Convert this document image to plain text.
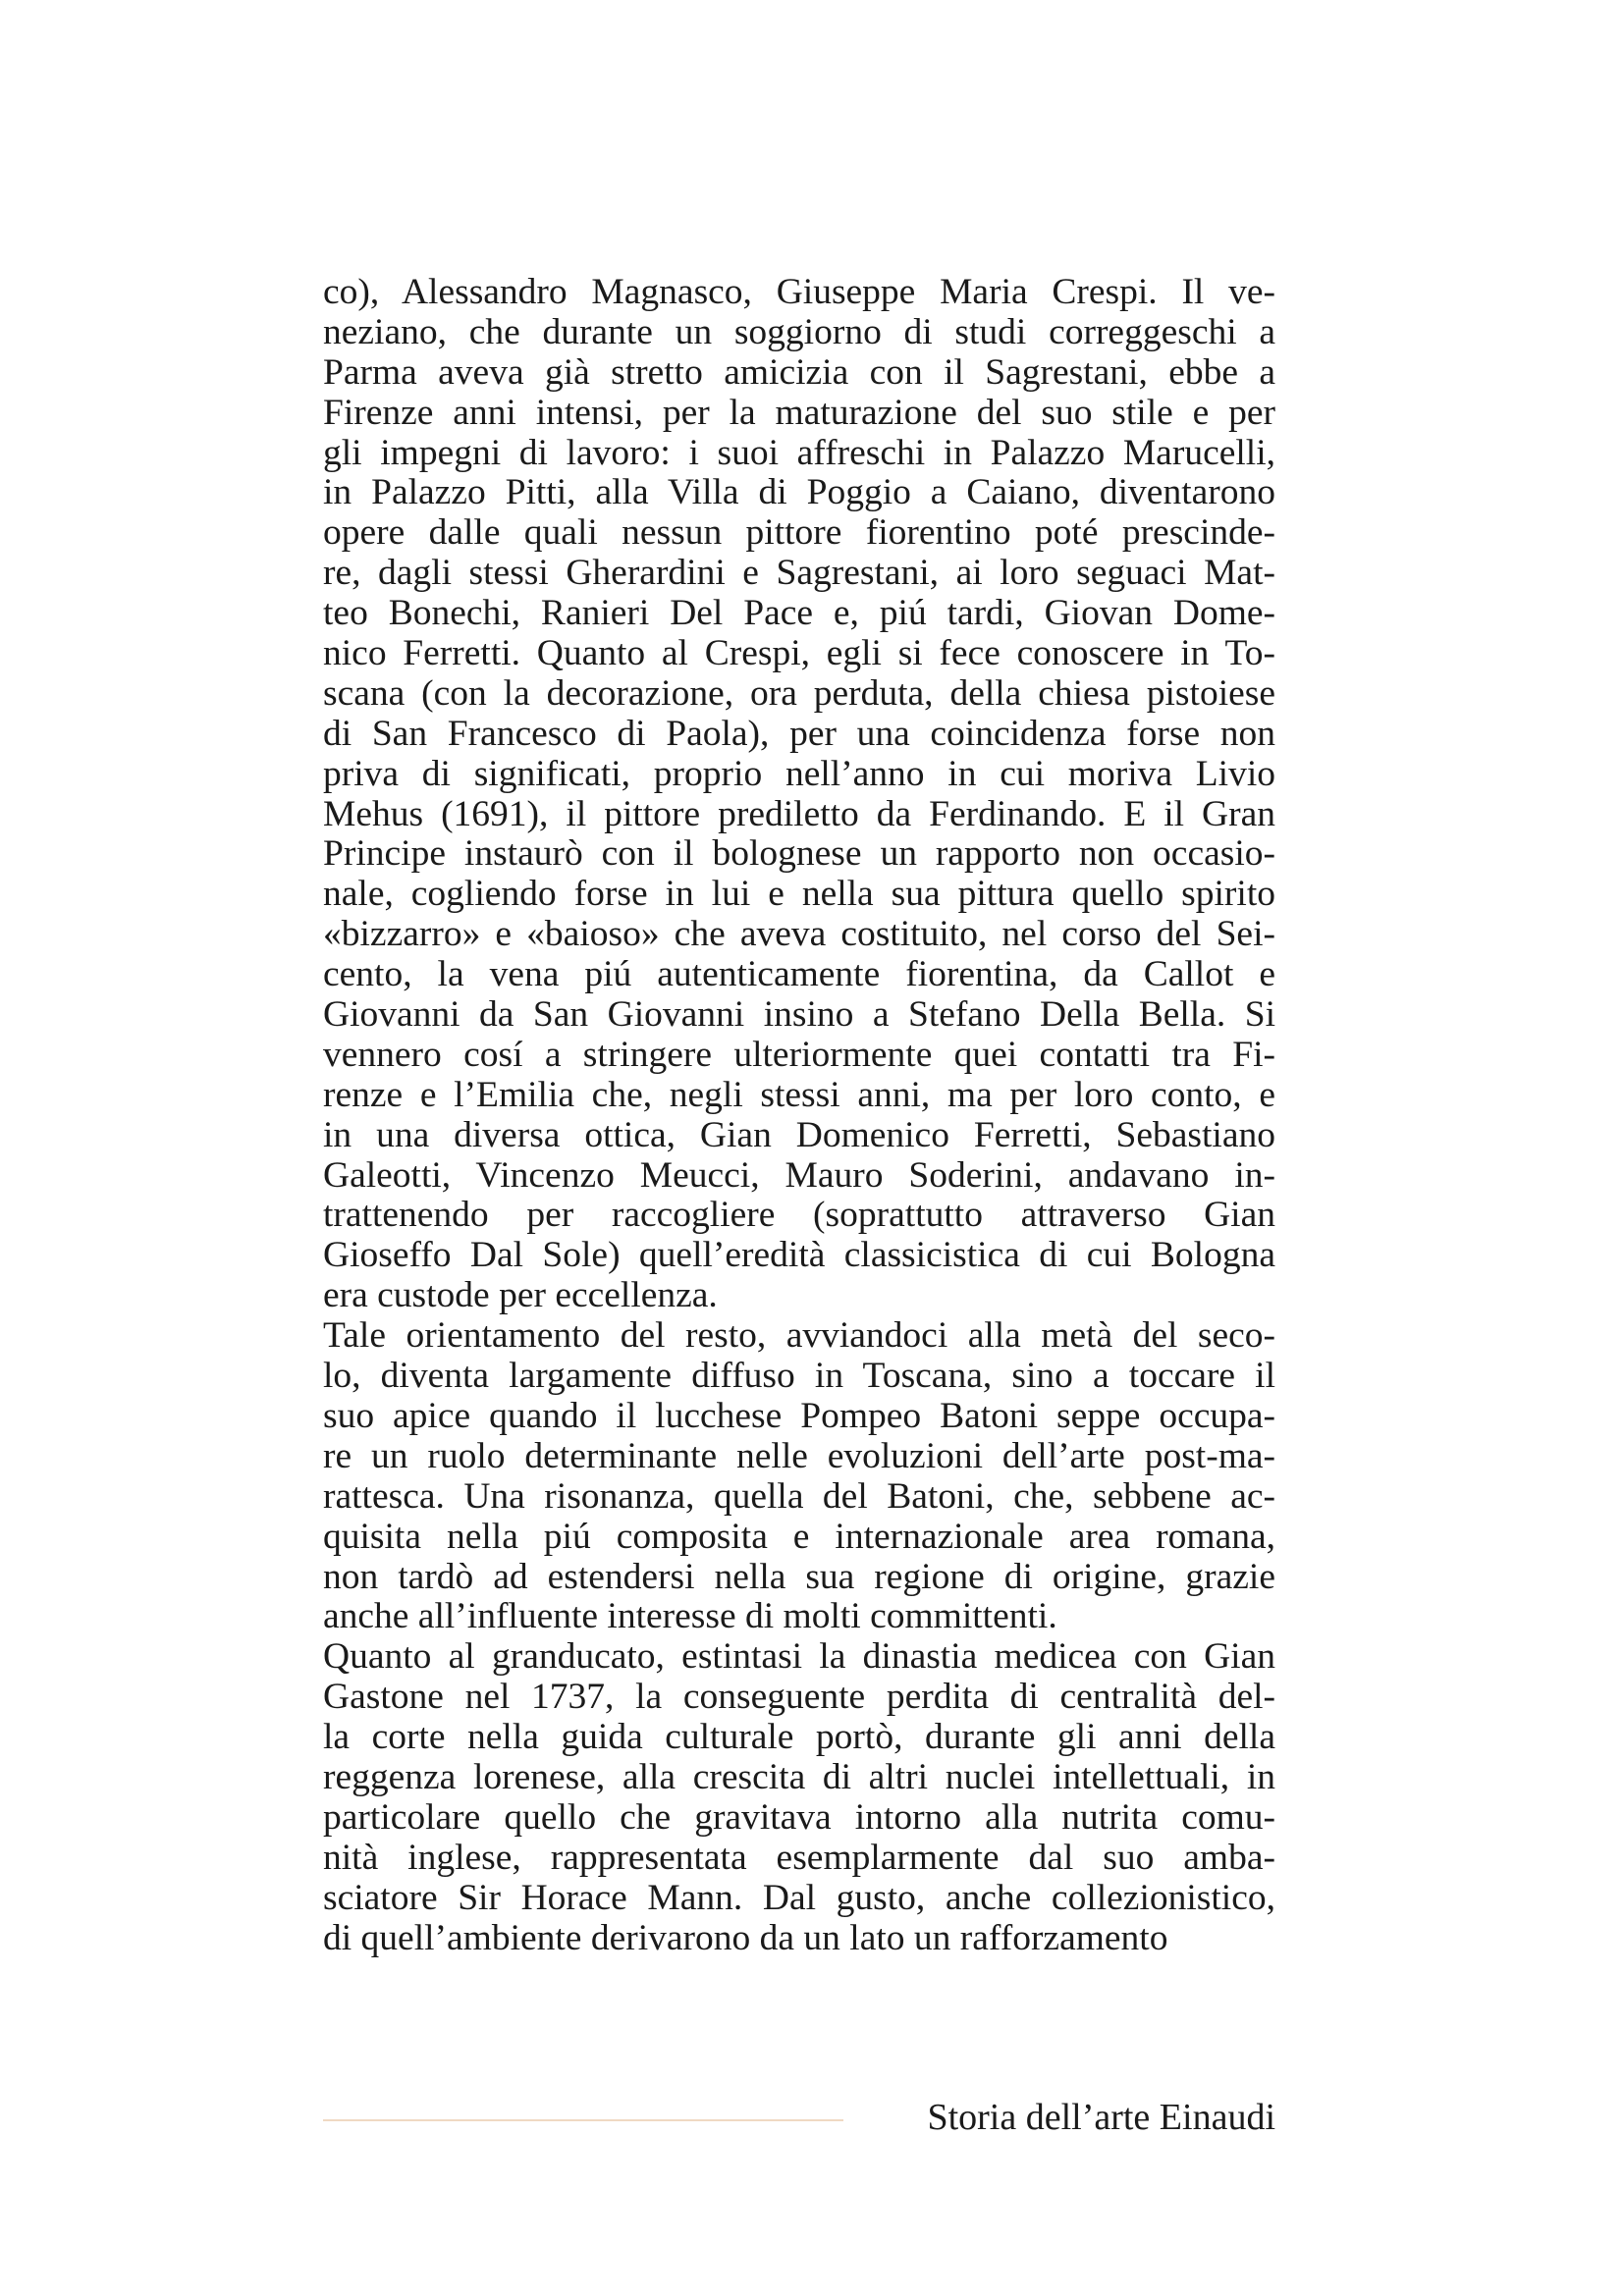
co), Alessandro Magnasco, Giuseppe Maria Crespi. Il ve-
neziano, che durante un soggiorno di studi correggeschi a
Parma aveva già stretto amicizia con il Sagrestani, ebbe a
Firenze anni intensi, per la maturazione del suo stile e per
gli impegni di lavoro: i suoi affreschi in Palazzo Marucelli,
in Palazzo Pitti, alla Villa di Poggio a Caiano, diventarono
opere dalle quali nessun pittore fiorentino poté prescinde-
re, dagli stessi Gherardini e Sagrestani, ai loro seguaci Mat-
teo Bonechi, Ranieri Del Pace e, piú tardi, Giovan Dome-
nico Ferretti. Quanto al Crespi, egli si fece conoscere in To-
scana (con la decorazione, ora perduta, della chiesa pistoiese
di San Francesco di Paola), per una coincidenza forse non
priva di significati, proprio nell’anno in cui moriva Livio
Mehus (1691), il pittore prediletto da Ferdinando. E il Gran
Principe instaurò con il bolognese un rapporto non occasio-
nale, cogliendo forse in lui e nella sua pittura quello spirito
«bizzarro» e «baioso» che aveva costituito, nel corso del Sei-
cento, la vena piú autenticamente fiorentina, da Callot e
Giovanni da San Giovanni insino a Stefano Della Bella. Si
vennero cosí a stringere ulteriormente quei contatti tra Fi-
renze e l’Emilia che, negli stessi anni, ma per loro conto, e
in una diversa ottica, Gian Domenico Ferretti, Sebastiano
Galeotti, Vincenzo Meucci, Mauro Soderini, andavano in-
trattenendo per raccogliere (soprattutto attraverso Gian
Gioseffo Dal Sole) quell’eredità classicistica di cui Bologna
era custode per eccellenza.
Tale orientamento del resto, avviandoci alla metà del seco-
lo, diventa largamente diffuso in Toscana, sino a toccare il
suo apice quando il lucchese Pompeo Batoni seppe occupa-
re un ruolo determinante nelle evoluzioni dell’arte post-ma-
rattesca. Una risonanza, quella del Batoni, che, sebbene ac-
quisita nella piú composita e internazionale area romana,
non tardò ad estendersi nella sua regione di origine, grazie
anche all’influente interesse di molti committenti.
Quanto al granducato, estintasi la dinastia medicea con Gian
Gastone nel 1737, la conseguente perdita di centralità del-
la corte nella guida culturale portò, durante gli anni della
reggenza lorenese, alla crescita di altri nuclei intellettuali, in
particolare quello che gravitava intorno alla nutrita comu-
nità inglese, rappresentata esemplarmente dal suo amba-
sciatore Sir Horace Mann. Dal gusto, anche collezionistico,
di quell’ambiente derivarono da un lato un rafforzamento
Storia dell’arte Einaudi
